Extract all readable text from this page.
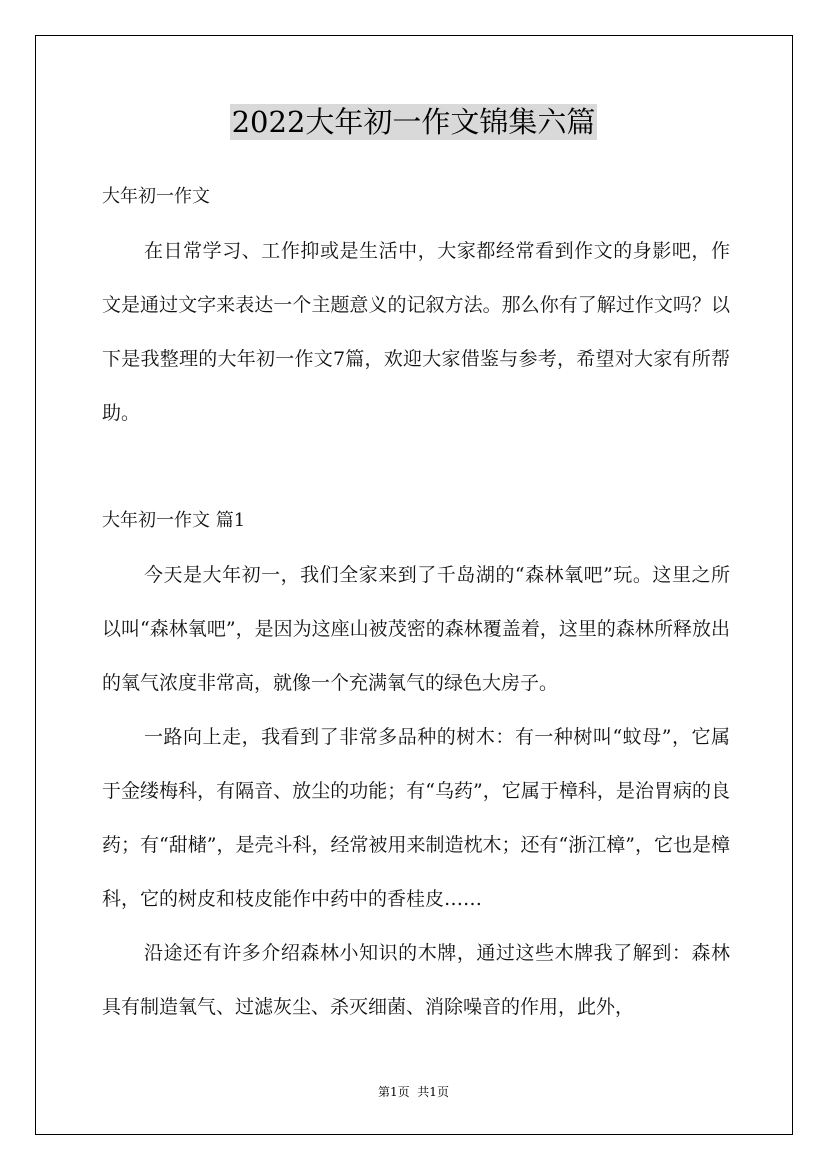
2022大年初一作文锦集六篇
大年初一作文

在日常学习、工作抑或是生活中，大家都经常看到作文的身影吧，作文是通过文字来表达一个主题意义的记叙方法。那么你有了解过作文吗？以下是我整理的大年初一作文7篇，欢迎大家借鉴与参考，希望对大家有所帮助。

大年初一作文 篇1

今天是大年初一，我们全家来到了千岛湖的“森林氧吧”玩。这里之所以叫“森林氧吧”，是因为这座山被茂密的森林覆盖着，这里的森林所释放出的氧气浓度非常高，就像一个充满氧气的绿色大房子。

一路向上走，我看到了非常多品种的树木：有一种树叫“蚊母”，它属于金缕梅科，有隔音、放尘的功能；有“乌药”，它属于樟科，是治胃病的良药；有“甜槠”，是壳斗科，经常被用来制造枕木；还有“浙江樟”，它也是樟科，它的树皮和枝皮能作中药中的香桂皮……

沿途还有许多介绍森林小知识的木牌，通过这些木牌我了解到：森林具有制造氧气、过滤灰尘、杀灭细菌、消除噪音的作用，此外，

第1页  共1页
